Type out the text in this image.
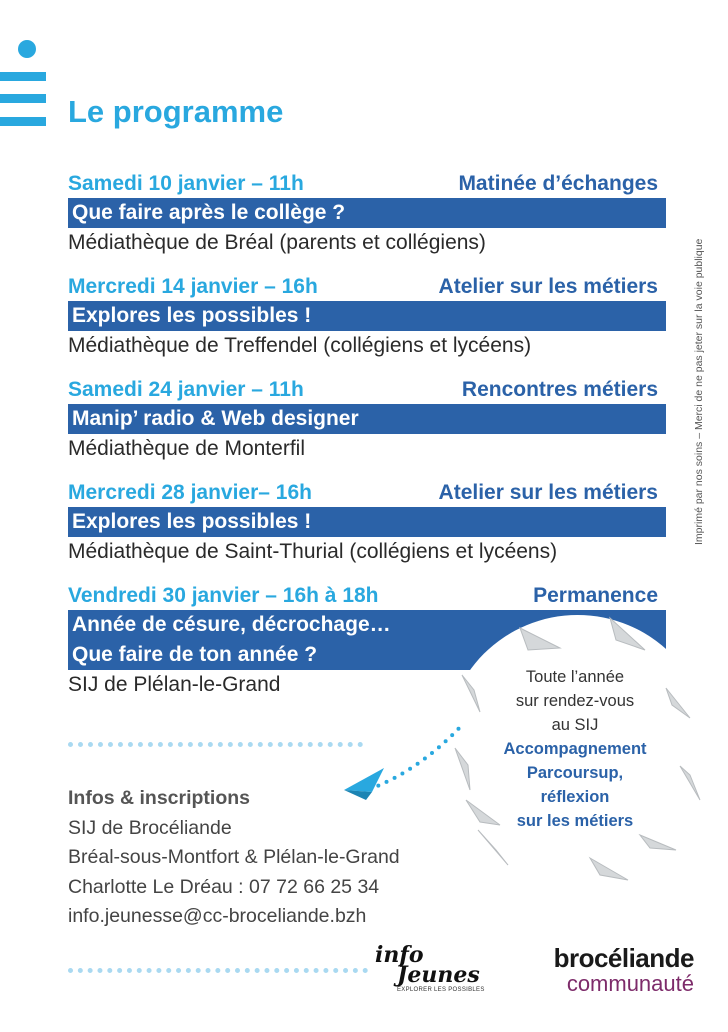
Le programme
Samedi 10 janvier – 11h	Matinée d’échanges
Que faire après le collège ?
Médiathèque de Bréal (parents et collégiens)
Mercredi 14 janvier – 16h	Atelier sur les métiers
Explores les possibles !
Médiathèque de Treffendel (collégiens et lycéens)
Samedi 24 janvier – 11h	Rencontres métiers
Manip’ radio & Web designer
Médiathèque de Monterfil
Mercredi 28 janvier– 16h	Atelier sur les métiers
Explores les possibles !
Médiathèque de Saint-Thurial (collégiens et lycéens)
Vendredi 30 janvier – 16h à 18h	Permanence
Année de césure, décrochage…
Que faire de ton année ?
SIJ de Plélan-le-Grand
Imprimé par nos soins – Merci de ne pas jeter sur la voie publique
Toute l’année
sur rendez-vous
au SIJ
Accompagnement
Parcoursup,
réflexion
sur les métiers
Infos & inscriptions
SIJ de Brocéliande
Bréal-sous-Montfort & Plélan-le-Grand
Charlotte Le Dréau : 07 72 66 25 34
info.jeunesse@cc-broceliande.bzh
info
Jeunes
EXPLORER LES POSSIBLES
brocéliande
communauté
